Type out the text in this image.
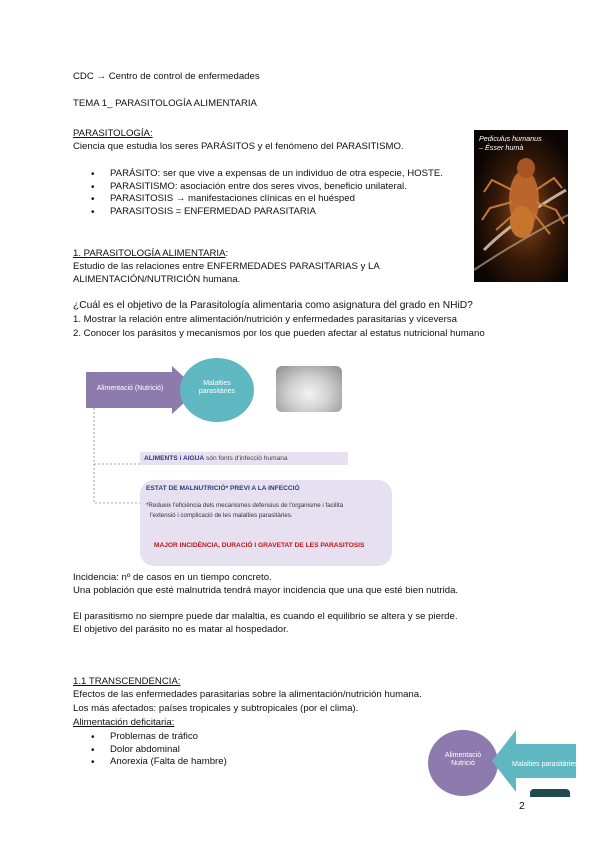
CDC → Centro de control de enfermedades
TEMA 1_ PARASITOLOGÍA ALIMENTARIA
PARASITOLOGÍA:
Ciencia que estudia los seres PARÁSITOS y el fenómeno del PARASITISMO.
• PARÁSITO: ser que vive a expensas de un individuo de otra especie, HOSTE.
• PARASITISMO: asociación entre dos seres vivos, beneficio unilateral.
• PARASITOSIS → manifestaciones clínicas en el huésped
• PARASITOSIS = ENFERMEDAD PARASITARIA
Pediculus humanus
– Ésser humà
1. PARASITOLOGÍA ALIMENTARIA:
Estudio de las relaciones entre ENFERMEDADES PARASITARIAS y LA
ALIMENTACIÓN/NUTRICIÓN humana.
¿Cuál es el objetivo de la Parasitología alimentaria como asignatura del grado en NHiD?
1. Mostrar la relación entre alimentación/nutrición y enfermedades parasitarias y viceversa
2. Conocer los parásitos y mecanismos por los que pueden afectar al estatus nutricional humano
Alimentació (Nutrició)
Malalties
parasitàries
ALIMENTS i AIGUA són fonts d'infecció humana
ESTAT DE MALNUTRICIÓ* PREVI A LA INFECCIÓ
*Redueix l'eficiència dels mecanismes defensius de l'organisme i facilita
l'extensió i complicació de les malalties parasitàries.
MAJOR INCIDÈNCIA, DURACIÓ I GRAVETAT DE LES PARASITOSIS
Incidencia: nº de casos en un tiempo concreto.
Una población que esté malnutrida tendrá mayor incidencia que una que esté bien nutrida.
El parasitismo no siempre puede dar malaltia, es cuando el equilibrio se altera y se pierde.
El objetivo del parásito no es matar al hospedador.
1.1 TRANSCENDENCIA:
Efectos de las enfermedades parasitarias sobre la alimentación/nutrición humana.
Los más afectados: países tropicales y subtropicales (por el clima).
Alimentación deficitaria:
• Problemas de tráfico
• Dolor abdominal
• Anorexia (Falta de hambre)
Alimentació
Nutrició	Malalties parasitàries
2
